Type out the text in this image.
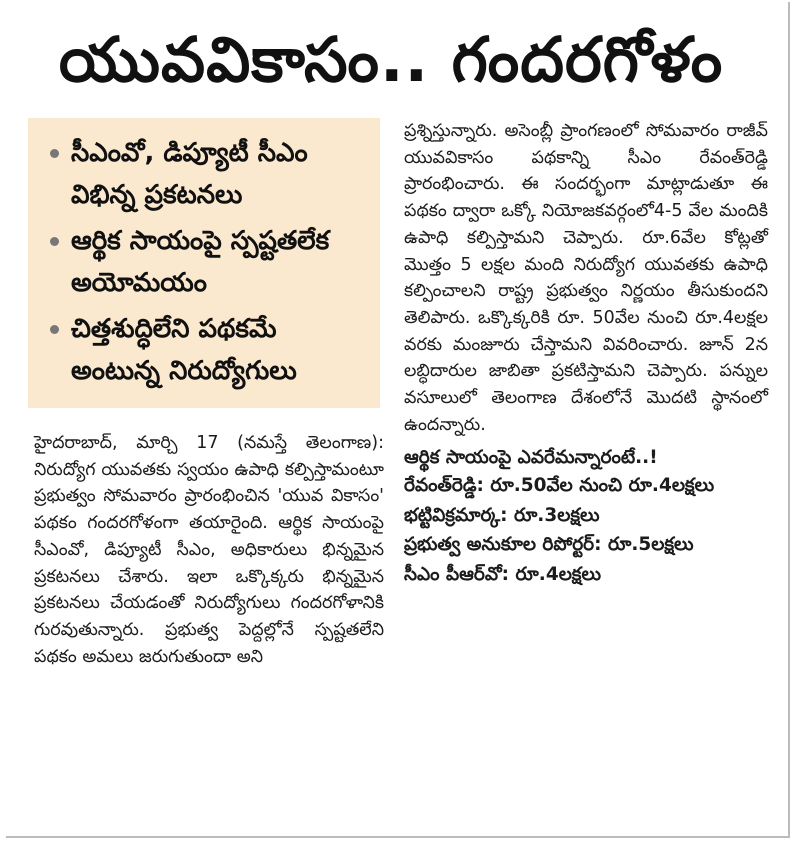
యువవికాసం.. గందరగోళం
సీఎంవో, డిప్యూటీ సీఎం విభిన్న ప్రకటనలు
ఆర్థిక సాయంపై స్పష్టతలేక అయోమయం
చిత్తశుద్ధిలేని పథకమే అంటున్న నిరుద్యోగులు

హైదరాబాద్, మార్చి 17 (నమస్తే తెలంగాణ): నిరుద్యోగ యువతకు స్వయం ఉపాధి కల్పిస్తామంటూ ప్రభుత్వం సోమవారం ప్రారంభించిన 'యువ వికాసం' పథకం గందరగోళంగా తయారైంది. ఆర్థిక సాయంపై సీఎంవో, డిప్యూటీ సీఎం, అధికారులు భిన్నమైన ప్రకటనలు చేశారు. ఇలా ఒక్కొక్కరు భిన్నమైన ప్రకటనలు చేయడంతో నిరుద్యోగులు గందరగోళానికి గురవుతున్నారు. ప్రభుత్వ పెద్దల్లోనే స్పష్టతలేని పథకం అమలు జరుగుతుందా అని

ప్రశ్నిస్తున్నారు. అసెంబ్లీ ప్రాంగణంలో సోమవారం రాజీవ్ యువవికాసం పథకాన్ని సీఎం రేవంత్‌రెడ్డి ప్రారంభించారు. ఈ సందర్భంగా మాట్లాడుతూ ఈ పథకం ద్వారా ఒక్కో నియోజకవర్గంలో4-5 వేల మందికి ఉపాధి కల్పిస్తామని చెప్పారు. రూ.6వేల కోట్లతో మొత్తం 5 లక్షల మంది నిరుద్యోగ యువతకు ఉపాధి కల్పించాలని రాష్ట్ర ప్రభుత్వం నిర్ణయం తీసుకుందని తెలిపారు. ఒక్కొక్కరికి రూ. 50వేల నుంచి రూ.4లక్షల వరకు మంజూరు చేస్తామని వివరించారు. జూన్ 2న లబ్ధిదారుల జాబితా ప్రకటిస్తామని చెప్పారు. పన్నుల వసూలులో తెలంగాణ దేశంలోనే మొదటి స్థానంలో ఉందన్నారు.

ఆర్థిక సాయంపై ఎవరేమన్నారంటే..!
రేవంత్‌రెడ్డి: రూ.50వేల నుంచి రూ.4లక్షలు
భట్టివిక్రమార్క: రూ.3లక్షలు
ప్రభుత్వ అనుకూల రిపోర్టర్: రూ.5లక్షలు
సీఎం పీఆర్‌వో: రూ.4లక్షలు
